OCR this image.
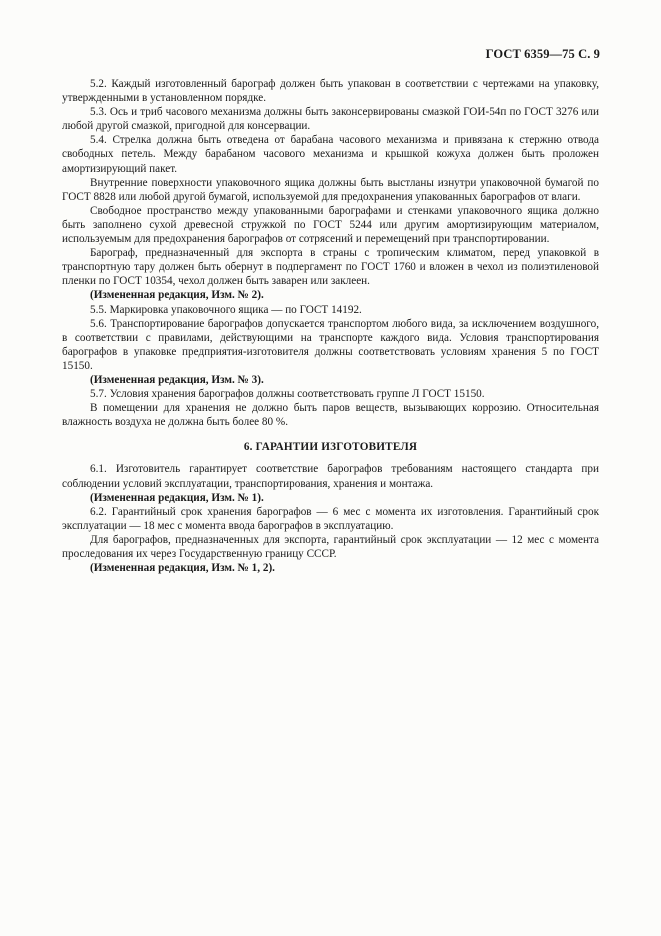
ГОСТ 6359—75 С. 9

5.2. Каждый изготовленный барограф должен быть упакован в соответствии с чертежами на упаковку, утвержденными в установленном порядке.

5.3. Ось и триб часового механизма должны быть законсервированы смазкой ГОИ-54п по ГОСТ 3276 или любой другой смазкой, пригодной для консервации.

5.4. Стрелка должна быть отведена от барабана часового механизма и привязана к стержню отвода свободных петель. Между барабаном часового механизма и крышкой кожуха должен быть проложен амортизирующий пакет.

Внутренние поверхности упаковочного ящика должны быть выстланы изнутри упаковочной бумагой по ГОСТ 8828 или любой другой бумагой, используемой для предохранения упакованных барографов от влаги.

Свободное пространство между упакованными барографами и стенками упаковочного ящика должно быть заполнено сухой древесной стружкой по ГОСТ 5244 или другим амортизирующим материалом, используемым для предохранения барографов от сотрясений и перемещений при транспортировании.

Барограф, предназначенный для экспорта в страны с тропическим климатом, перед упаковкой в транспортную тару должен быть обернут в подпергамент по ГОСТ 1760 и вложен в чехол из полиэтиленовой пленки по ГОСТ 10354, чехол должен быть заварен или заклеен.

(Измененная редакция, Изм. № 2).

5.5. Маркировка упаковочного ящика — по ГОСТ 14192.

5.6. Транспортирование барографов допускается транспортом любого вида, за исключением воздушного, в соответствии с правилами, действующими на транспорте каждого вида. Условия транспортирования барографов в упаковке предприятия-изготовителя должны соответствовать условиям хранения 5 по ГОСТ 15150.

(Измененная редакция, Изм. № 3).

5.7. Условия хранения барографов должны соответствовать группе Л ГОСТ 15150.

В помещении для хранения не должно быть паров веществ, вызывающих коррозию. Относительная влажность воздуха не должна быть более 80 %.

6. ГАРАНТИИ ИЗГОТОВИТЕЛЯ

6.1. Изготовитель гарантирует соответствие барографов требованиям настоящего стандарта при соблюдении условий эксплуатации, транспортирования, хранения и монтажа.

(Измененная редакция, Изм. № 1).

6.2. Гарантийный срок хранения барографов — 6 мес с момента их изготовления. Гарантийный срок эксплуатации — 18 мес с момента ввода барографов в эксплуатацию.

Для барографов, предназначенных для экспорта, гарантийный срок эксплуатации — 12 мес с момента проследования их через Государственную границу СССР.

(Измененная редакция, Изм. № 1, 2).
